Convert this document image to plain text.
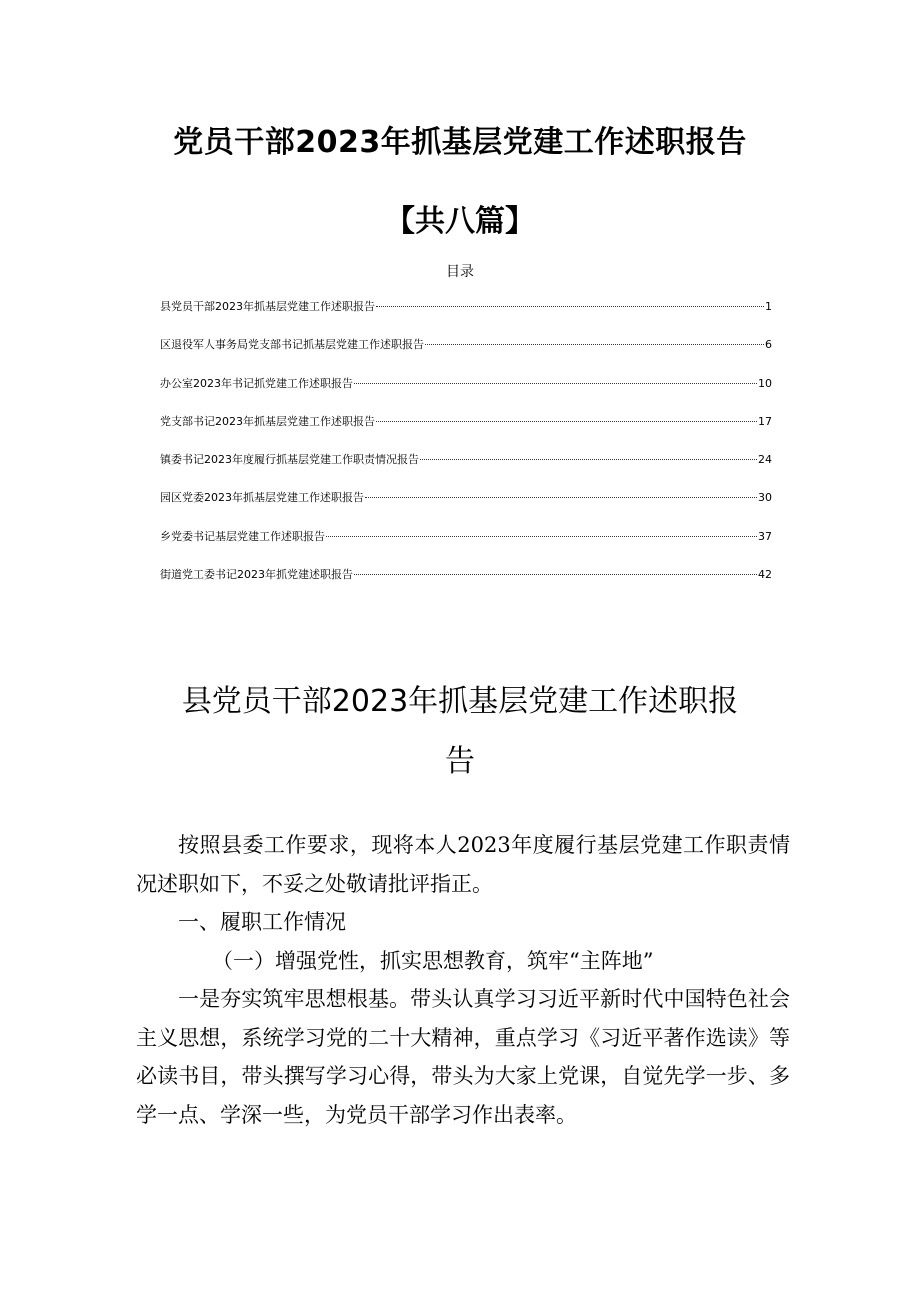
党员干部2023年抓基层党建工作述职报告
【共八篇】
目录
县党员干部2023年抓基层党建工作述职报告	1
区退役军人事务局党支部书记抓基层党建工作述职报告	6
办公室2023年书记抓党建工作述职报告	10
党支部书记2023年抓基层党建工作述职报告	17
镇委书记2023年度履行抓基层党建工作职责情况报告	24
园区党委2023年抓基层党建工作述职报告	30
乡党委书记基层党建工作述职报告	37
街道党工委书记2023年抓党建述职报告	42
县党员干部2023年抓基层党建工作述职报
告

按照县委工作要求，现将本人2023年度履行基层党建工作职责情况述职如下，不妥之处敬请批评指正。

一、履职工作情况

（一）增强党性，抓实思想教育，筑牢“主阵地”

一是夯实筑牢思想根基。带头认真学习习近平新时代中国特色社会主义思想，系统学习党的二十大精神，重点学习《习近平著作选读》等必读书目，带头撰写学习心得，带头为大家上党课，自觉先学一步、多学一点、学深一些，为党员干部学习作出表率。
